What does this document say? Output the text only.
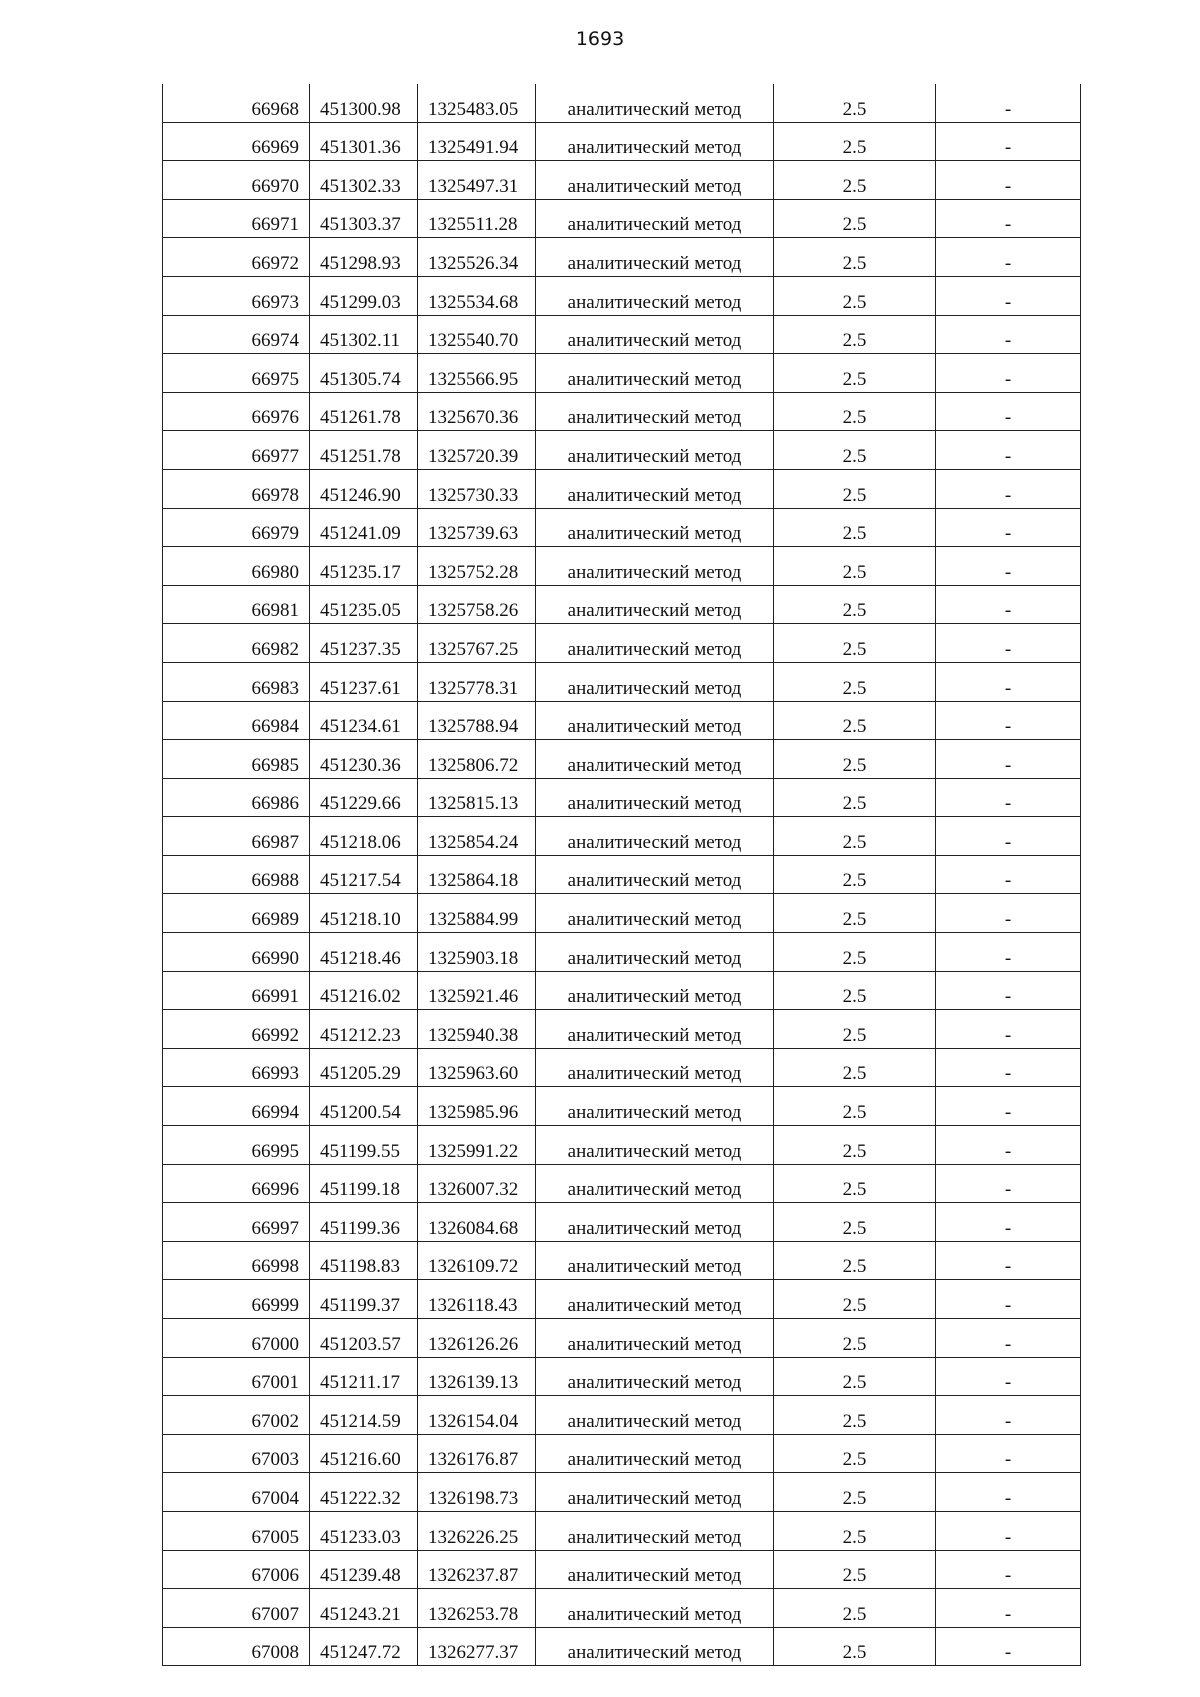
1693
66968	451300.98	1325483.05	аналитический метод	2.5	-
66969	451301.36	1325491.94	аналитический метод	2.5	-
66970	451302.33	1325497.31	аналитический метод	2.5	-
66971	451303.37	1325511.28	аналитический метод	2.5	-
66972	451298.93	1325526.34	аналитический метод	2.5	-
66973	451299.03	1325534.68	аналитический метод	2.5	-
66974	451302.11	1325540.70	аналитический метод	2.5	-
66975	451305.74	1325566.95	аналитический метод	2.5	-
66976	451261.78	1325670.36	аналитический метод	2.5	-
66977	451251.78	1325720.39	аналитический метод	2.5	-
66978	451246.90	1325730.33	аналитический метод	2.5	-
66979	451241.09	1325739.63	аналитический метод	2.5	-
66980	451235.17	1325752.28	аналитический метод	2.5	-
66981	451235.05	1325758.26	аналитический метод	2.5	-
66982	451237.35	1325767.25	аналитический метод	2.5	-
66983	451237.61	1325778.31	аналитический метод	2.5	-
66984	451234.61	1325788.94	аналитический метод	2.5	-
66985	451230.36	1325806.72	аналитический метод	2.5	-
66986	451229.66	1325815.13	аналитический метод	2.5	-
66987	451218.06	1325854.24	аналитический метод	2.5	-
66988	451217.54	1325864.18	аналитический метод	2.5	-
66989	451218.10	1325884.99	аналитический метод	2.5	-
66990	451218.46	1325903.18	аналитический метод	2.5	-
66991	451216.02	1325921.46	аналитический метод	2.5	-
66992	451212.23	1325940.38	аналитический метод	2.5	-
66993	451205.29	1325963.60	аналитический метод	2.5	-
66994	451200.54	1325985.96	аналитический метод	2.5	-
66995	451199.55	1325991.22	аналитический метод	2.5	-
66996	451199.18	1326007.32	аналитический метод	2.5	-
66997	451199.36	1326084.68	аналитический метод	2.5	-
66998	451198.83	1326109.72	аналитический метод	2.5	-
66999	451199.37	1326118.43	аналитический метод	2.5	-
67000	451203.57	1326126.26	аналитический метод	2.5	-
67001	451211.17	1326139.13	аналитический метод	2.5	-
67002	451214.59	1326154.04	аналитический метод	2.5	-
67003	451216.60	1326176.87	аналитический метод	2.5	-
67004	451222.32	1326198.73	аналитический метод	2.5	-
67005	451233.03	1326226.25	аналитический метод	2.5	-
67006	451239.48	1326237.87	аналитический метод	2.5	-
67007	451243.21	1326253.78	аналитический метод	2.5	-
67008	451247.72	1326277.37	аналитический метод	2.5	-
